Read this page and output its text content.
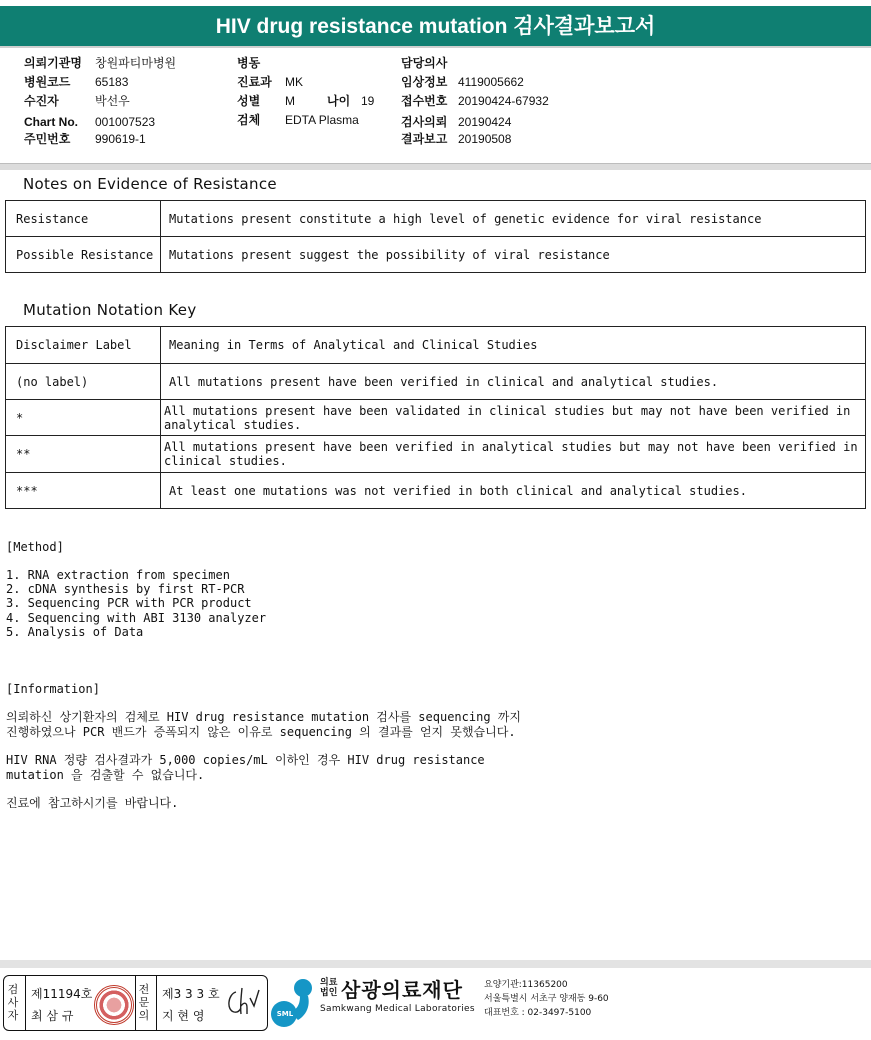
HIV drug resistance mutation 검사결과보고서
의뢰기관명 창원파티마병원
병원코드 65183
수진자	박선우
Chart No. 001007523
주민번호 990619-1
병동
진료과 MK
성별 M	나이 19
검체 EDTA Plasma
담당의사
임상정보 4119005662
접수번호 20190424-67932
검사의뢰 20190424
결과보고 20190508
Notes on Evidence of Resistance
Resistance	Mutations present constitute a high level of genetic evidence for viral resistance
Possible Resistance	Mutations present suggest the possibility of viral resistance
Mutation Notation Key
Disclaimer Label	Meaning in Terms of Analytical and Clinical Studies
(no label)	All mutations present have been verified in clinical and analytical studies.
*	All mutations present have been validated in clinical studies but may not have been verified in analytical studies.
**	All mutations present have been verified in analytical studies but may not have been verified in clinical studies.
***	At least one mutations was not verified in both clinical and analytical studies.
[Method]
1. RNA extraction from specimen
2. cDNA synthesis by first RT-PCR
3. Sequencing PCR with PCR product
4. Sequencing with ABI 3130 analyzer
5. Analysis of Data
[Information]
의뢰하신 상기환자의 검체로 HIV drug resistance mutation 검사를 sequencing 까지
진행하였으나 PCR 밴드가 증폭되지 않은 이유로 sequencing 의 결과를 얻지 못했습니다.
HIV RNA 정량 검사결과가 5,000 copies/mL 이하인 경우 HIV drug resistance
mutation 을 검출할 수 없습니다.
진료에 참고하시기를 바랍니다.
검
사
자
제11194호
최 삼 규
전
문
의
제3 3 3 호
지 현 영	SML
의료
법인 삼광의료재단
Samkwang Medical Laboratories
요양기관:11365200
서울특별시 서초구 양재동 9-60
대표번호 : 02-3497-5100
